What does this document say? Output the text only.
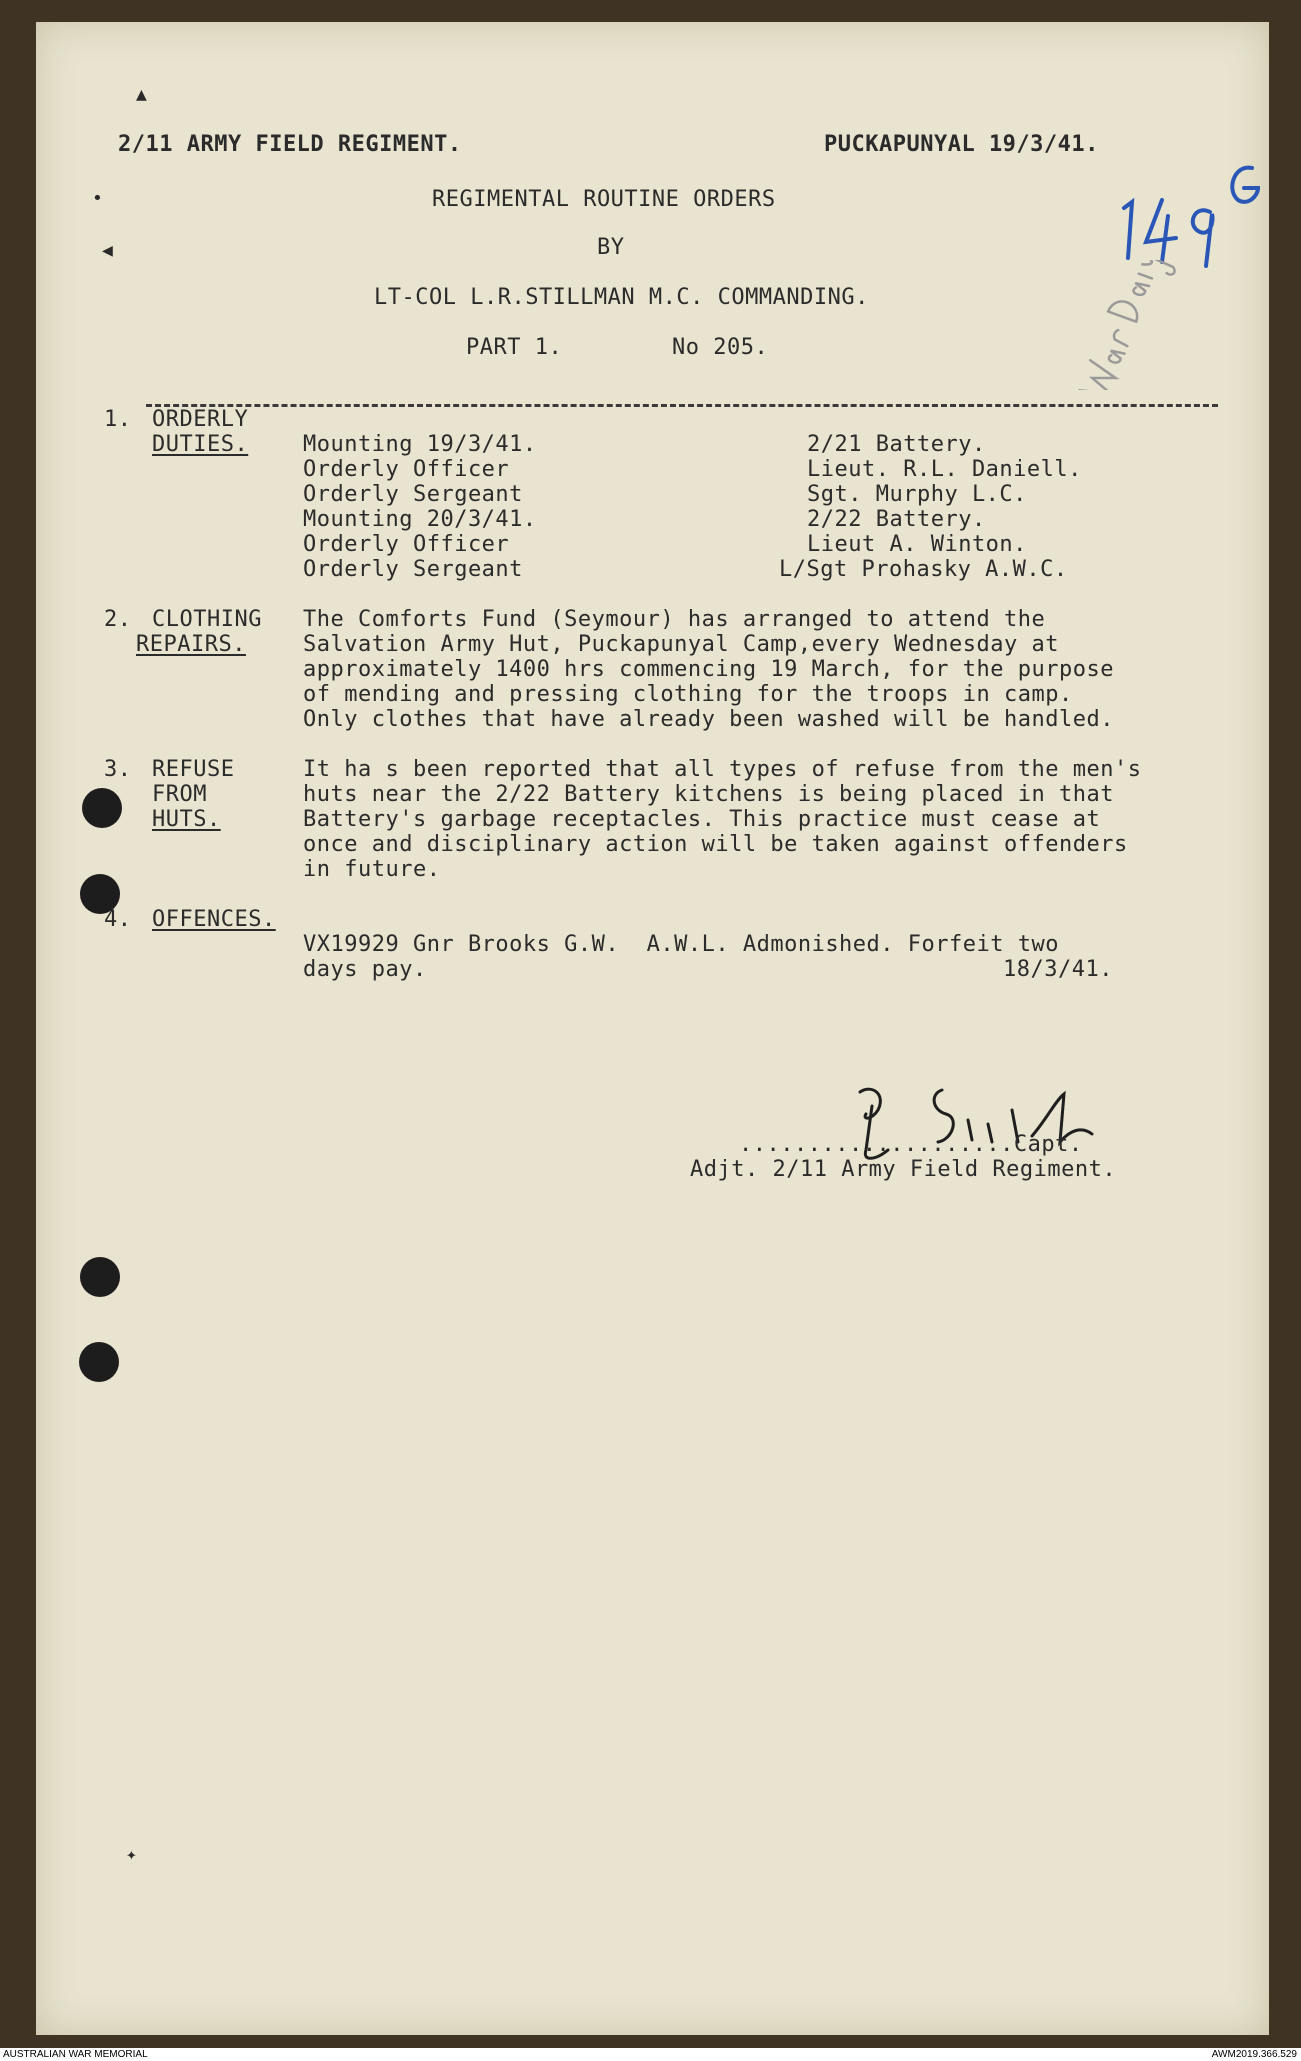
▲
•
◀
✦
2/11 ARMY FIELD REGIMENT.	PUCKAPUNYAL 19/3/41.
REGIMENTAL ROUTINE ORDERS
BY
LT-COL L.R.STILLMAN M.C. COMMANDING.
PART 1.	No 205.
1. ORDERLY
DUTIES. Mounting 19/3/41.	2/21 Battery.
Orderly Officer	Lieut. R.L. Daniell.
Orderly Sergeant	Sgt. Murphy L.C.
Mounting 20/3/41.	2/22 Battery.
Orderly Officer	Lieut A. Winton.
Orderly Sergeant	L/Sgt Prohasky A.W.C.
2. CLOTHING
REPAIRS.
The Comforts Fund (Seymour) has arranged to attend the
Salvation Army Hut, Puckapunyal Camp,every Wednesday at
approximately 1400 hrs commencing 19 March, for the purpose
of mending and pressing clothing for the troops in camp.
Only clothes that have already been washed will be handled.
3. REFUSE
FROM
HUTS.
It ha s been reported that all types of refuse from the men's
huts near the 2/22 Battery kitchens is being placed in that
Battery's garbage receptacles. This practice must cease at
once and disciplinary action will be taken against offenders
in future.
4. OFFENCES.
VX19929 Gnr Brooks G.W.  A.W.L. Admonished. Forfeit two
days pay.	18/3/41.
....................Capt.
Adjt. 2/11 Army Field Regiment.
AUSTRALIAN WAR MEMORIAL	AWM2019.366.529
